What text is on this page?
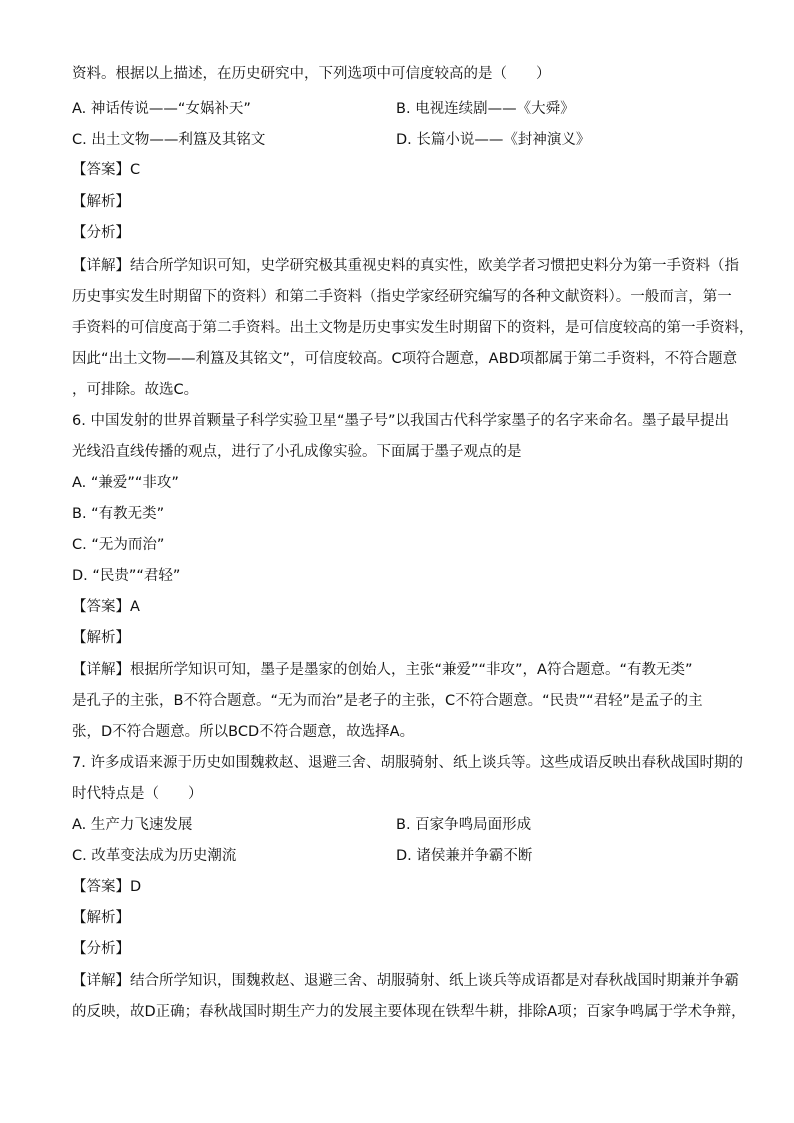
资料。根据以上描述，在历史研究中，下列选项中可信度较高的是（　　）
A. 神话传说——“女娲补天”	B. 电视连续剧——《大舜》
C. 出土文物——利簋及其铭文	D. 长篇小说——《封神演义》
【答案】C
【解析】
【分析】
【详解】结合所学知识可知，史学研究极其重视史料的真实性，欧美学者习惯把史料分为第一手资料（指
历史事实发生时期留下的资料）和第二手资料（指史学家经研究编写的各种文献资料）。一般而言，第一
手资料的可信度高于第二手资料。出土文物是历史事实发生时期留下的资料，是可信度较高的第一手资料，
因此“出土文物——利簋及其铭文”，可信度较高。C项符合题意，ABD项都属于第二手资料，不符合题意
，可排除。故选C。
6. 中国发射的世界首颗量子科学实验卫星“墨子号”以我国古代科学家墨子的名字来命名。墨子最早提出
光线沿直线传播的观点，进行了小孔成像实验。下面属于墨子观点的是
A. “兼爱”“非攻”
B. “有教无类”
C. “无为而治”
D. “民贵”“君轻”
【答案】A
【解析】
【详解】根据所学知识可知，墨子是墨家的创始人，主张“兼爱”“非攻”，A符合题意。“有教无类”
是孔子的主张，B不符合题意。“无为而治”是老子的主张，C不符合题意。“民贵”“君轻”是孟子的主
张，D不符合题意。所以BCD不符合题意，故选择A。
7. 许多成语来源于历史如围魏救赵、退避三舍、胡服骑射、纸上谈兵等。这些成语反映出春秋战国时期的
时代特点是（　　）
A. 生产力飞速发展	B. 百家争鸣局面形成
C. 改革变法成为历史潮流	D. 诸侯兼并争霸不断
【答案】D
【解析】
【分析】
【详解】结合所学知识，围魏救赵、退避三舍、胡服骑射、纸上谈兵等成语都是对春秋战国时期兼并争霸
的反映，故D正确；春秋战国时期生产力的发展主要体现在铁犁牛耕，排除A项；百家争鸣属于学术争辩，
